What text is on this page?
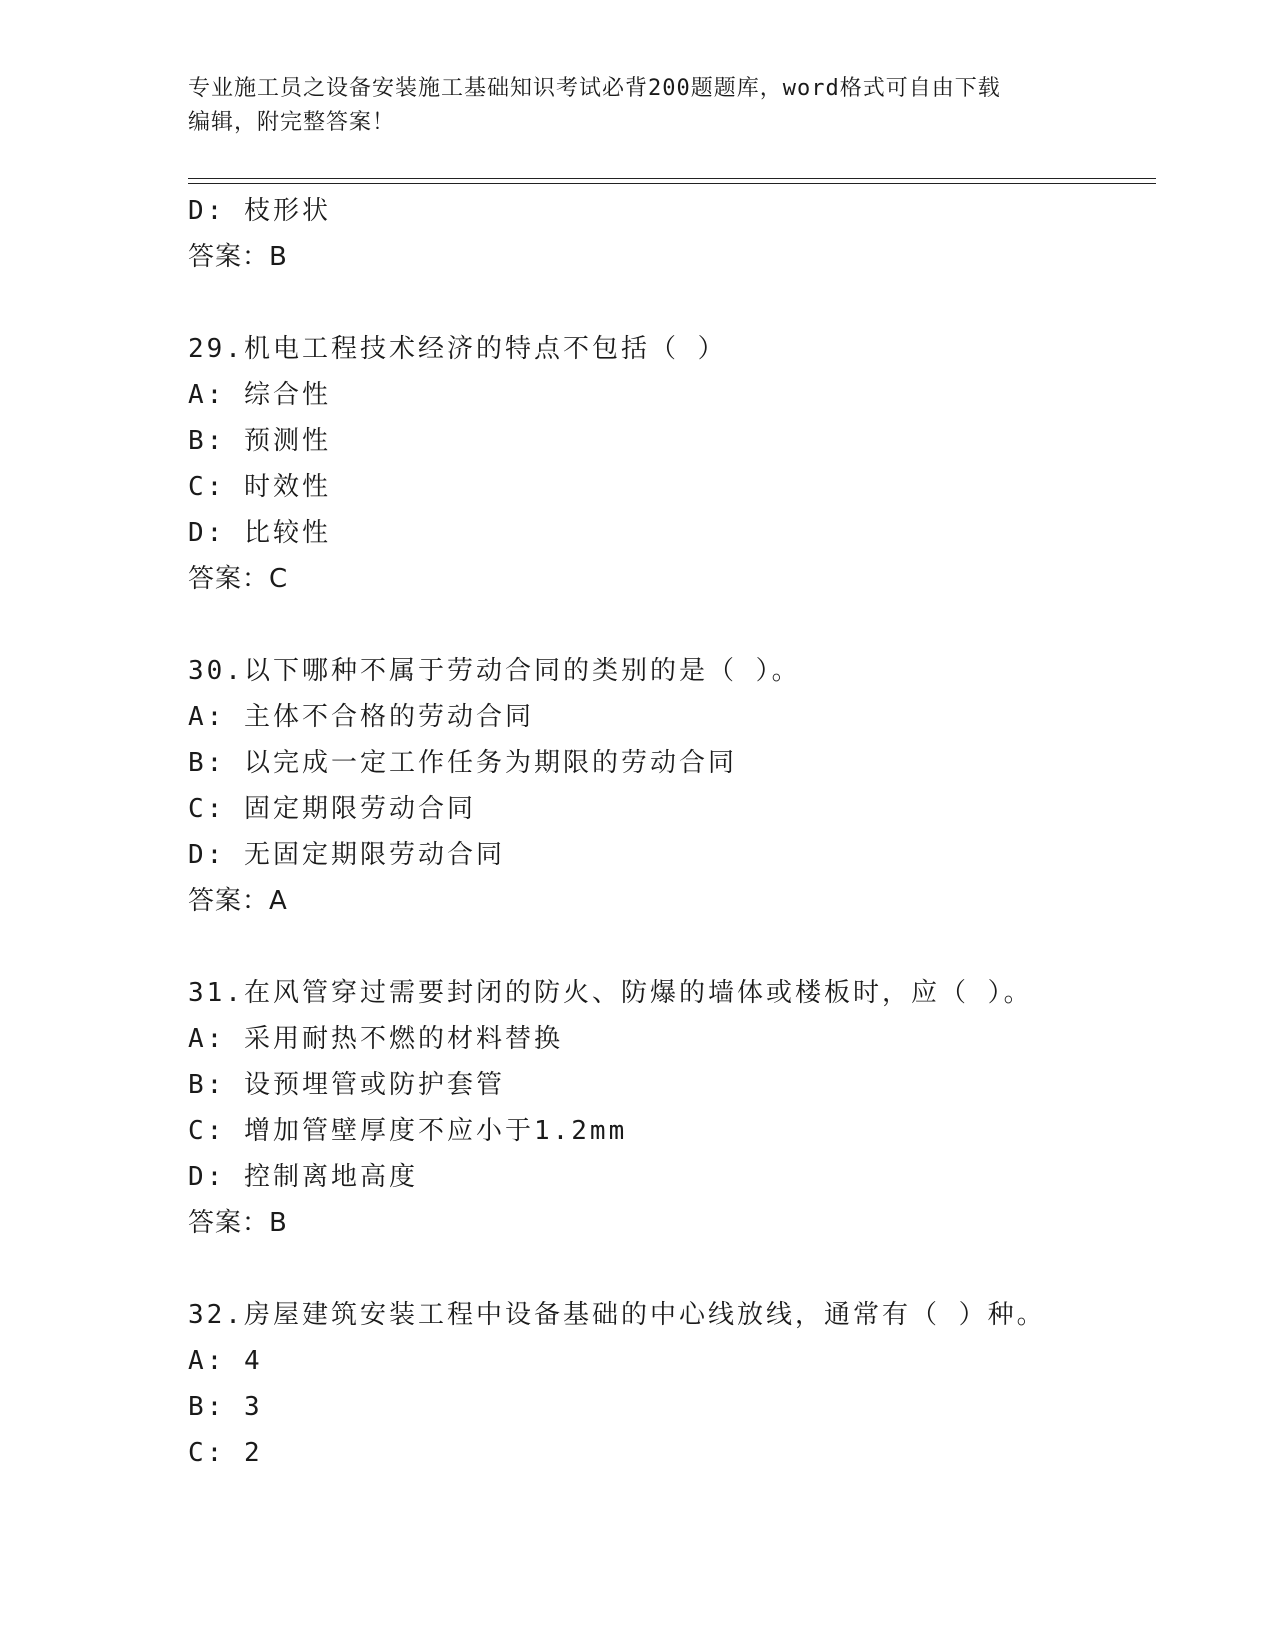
专业施工员之设备安装施工基础知识考试必背200题题库，word格式可自由下载
编辑，附完整答案！
D: 枝形状
答案：B
29.机电工程技术经济的特点不包括（ ）
A: 综合性
B: 预测性
C: 时效性
D: 比较性
答案：C
30.以下哪种不属于劳动合同的类别的是（ ）。
A: 主体不合格的劳动合同
B: 以完成一定工作任务为期限的劳动合同
C: 固定期限劳动合同
D: 无固定期限劳动合同
答案：A
31.在风管穿过需要封闭的防火、防爆的墙体或楼板时，应（ ）。
A: 采用耐热不燃的材料替换
B: 设预埋管或防护套管
C: 增加管壁厚度不应小于1.2mm
D: 控制离地高度
答案：B
32.房屋建筑安装工程中设备基础的中心线放线，通常有（ ）种。
A: 4
B: 3
C: 2
